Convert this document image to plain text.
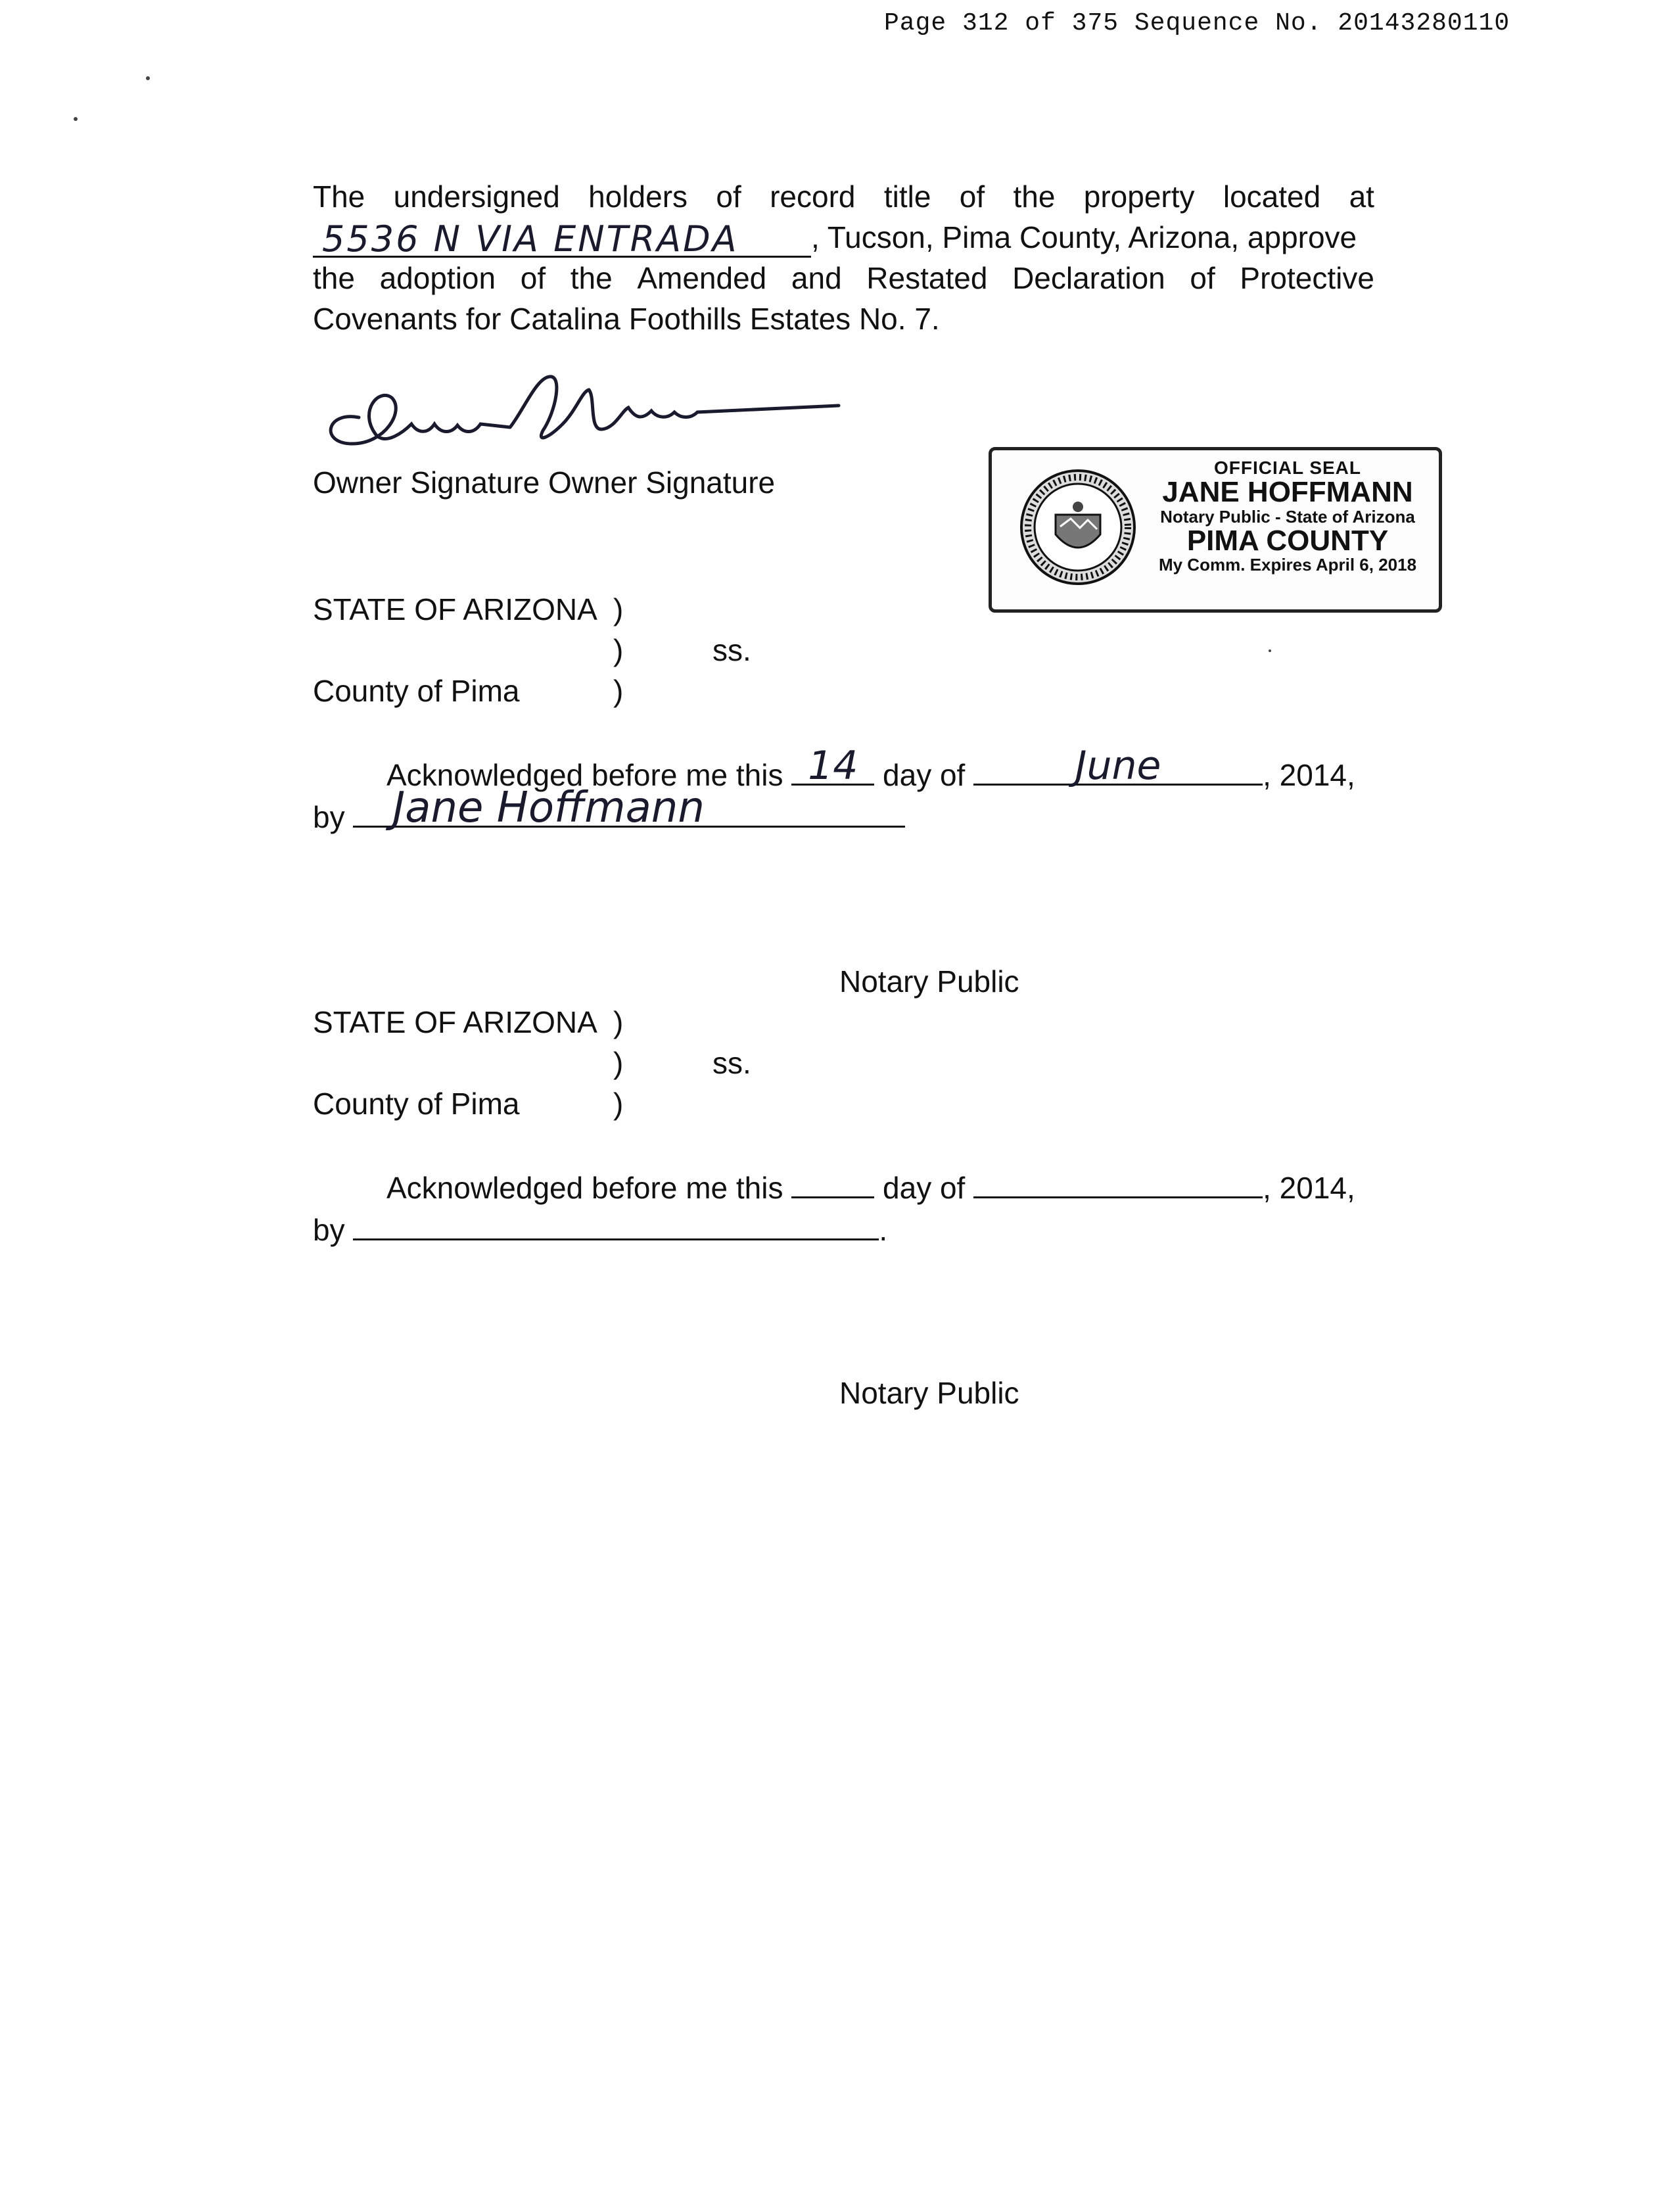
Page 312 of 375 Sequence No. 20143280110
The undersigned holders of record title of the property located at
5536 N VIA ENTRADA , Tucson, Pima County, Arizona, approve
the adoption of the Amended and Restated Declaration of Protective
Covenants for Catalina Foothills Estates No. 7.
Owner Signature Owner Signature	OFFICIAL SEAL
JANE HOFFMANN
Notary Public - State of Arizona
PIMA COUNTY
My Comm. Expires April 6, 2018
STATE OF ARIZONA )
)	ss.
County of Pima	)
Acknowledged before me this 14 day of	June	, 2014,
by Jane Hoffmann
Notary Public
STATE OF ARIZONA )
)	ss.
County of Pima	)
Acknowledged before me this	day of	, 2014,
by	.
Notary Public
